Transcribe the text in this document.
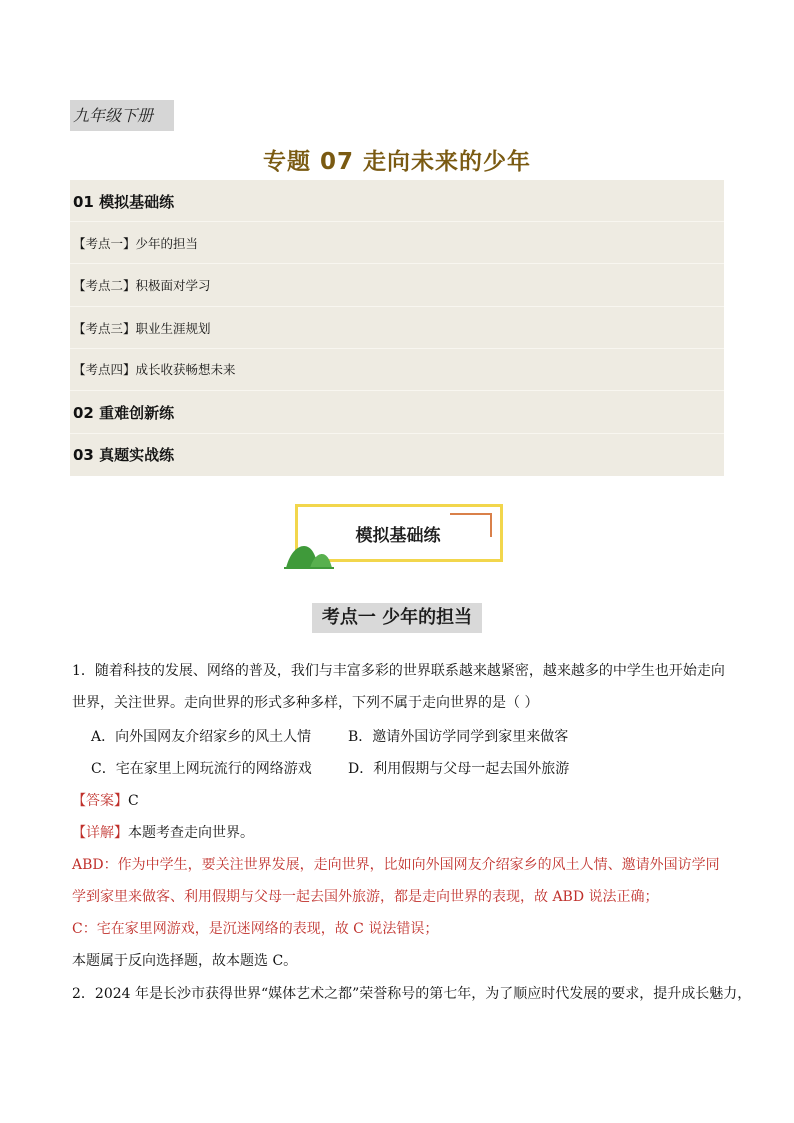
九年级下册
专题 07 走向未来的少年
01 模拟基础练
【考点一】少年的担当
【考点二】积极面对学习
【考点三】职业生涯规划
【考点四】成长收获畅想未来
02 重难创新练
03 真题实战练
模拟基础练
考点一 少年的担当
1．随着科技的发展、网络的普及，我们与丰富多彩的世界联系越来越紧密，越来越多的中学生也开始走向
世界，关注世界。走向世界的形式多种多样，下列不属于走向世界的是（ ）
A．向外国网友介绍家乡的风土人情	B．邀请外国访学同学到家里来做客
C．宅在家里上网玩流行的网络游戏	D．利用假期与父母一起去国外旅游
【答案】C
【详解】本题考查走向世界。
ABD：作为中学生，要关注世界发展，走向世界，比如向外国网友介绍家乡的风土人情、邀请外国访学同
学到家里来做客、利用假期与父母一起去国外旅游，都是走向世界的表现，故 ABD 说法正确；
C：宅在家里网游戏，是沉迷网络的表现，故 C 说法错误；
本题属于反向选择题，故本题选 C。
2．2024 年是长沙市获得世界“媒体艺术之都”荣誉称号的第七年，为了顺应时代发展的要求，提升成长魅力，
